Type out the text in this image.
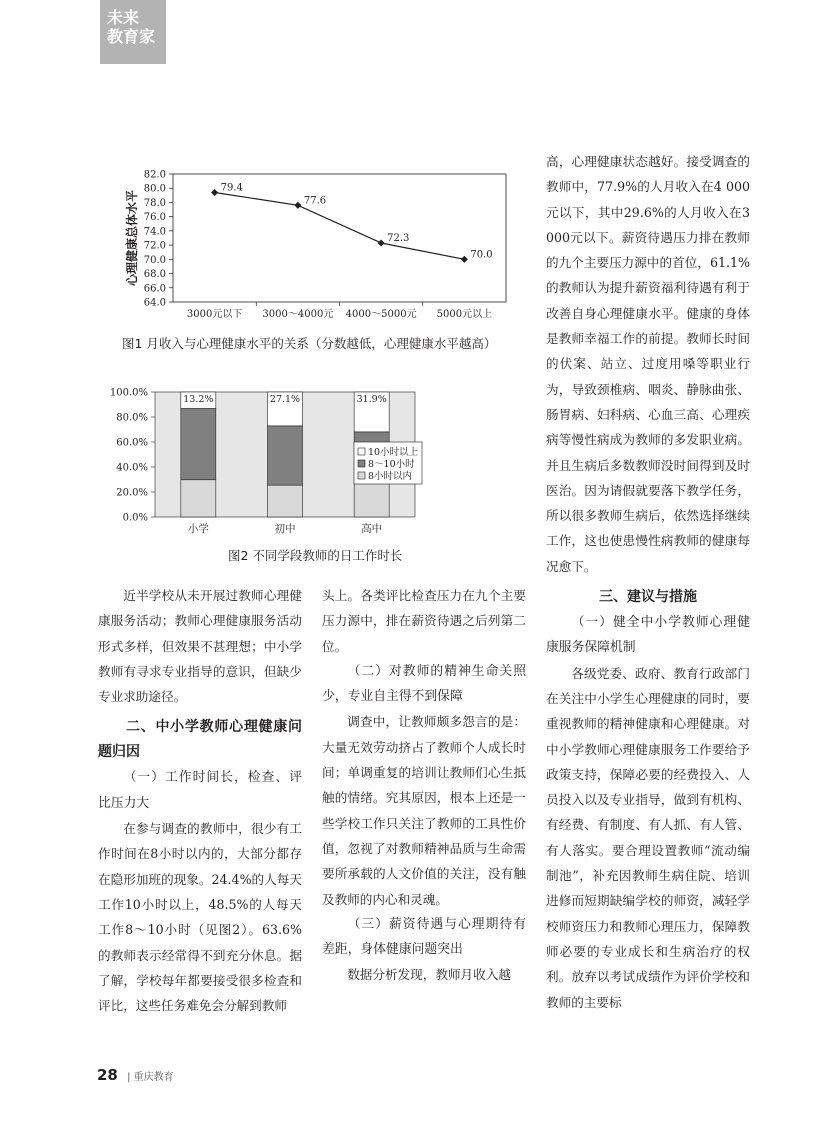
未来
教育家
82.0
80.0
78.0
76.0
74.0
72.0
70.0
68.0
66.0
64.0
3000元以下 3000～4000元 4000～5000元 5000元以上
79.4
77.6
72.3
70.0
心理健康总体水平
图1 月收入与心理健康水平的关系（分数越低，心理健康水平越高）
100.0%
80.0%
60.0%
40.0%
20.0%
0.0%
13.2%
小学
27.1%
初中
31.9%
高中
10小时以上
8～10小时
8小时以内
图2 不同学段教师的日工作时长

近半学校从未开展过教师心理健康服务活动；教师心理健康服务活动形式多样，但效果不甚理想；中小学教师有寻求专业指导的意识，但缺少专业求助途径。

二、中小学教师心理健康问题归因
（一）工作时间长，检查、评比压力大

在参与调查的教师中，很少有工作时间在8小时以内的，大部分都存在隐形加班的现象。24.4%的人每天工作10小时以上，48.5%的人每天工作8～10小时（见图2）。63.6%的教师表示经常得不到充分休息。据了解，学校每年都要接受很多检查和评比，这些任务难免会分解到教师

头上。各类评比检查压力在九个主要压力源中，排在薪资待遇之后列第二位。

（二）对教师的精神生命关照少，专业自主得不到保障

调查中，让教师颇多怨言的是：大量无效劳动挤占了教师个人成长时间；单调重复的培训让教师们心生抵触的情绪。究其原因，根本上还是一些学校工作只关注了教师的工具性价值，忽视了对教师精神品质与生命需要所承载的人文价值的关注，没有触及教师的内心和灵魂。

（三）薪资待遇与心理期待有差距，身体健康问题突出

数据分析发现，教师月收入越

高，心理健康状态越好。接受调查的教师中，77.9%的人月收入在4 000元以下，其中29.6%的人月收入在3 000元以下。薪资待遇压力排在教师的九个主要压力源中的首位，61.1%的教师认为提升薪资福利待遇有利于改善自身心理健康水平。健康的身体是教师幸福工作的前提。教师长时间的伏案、站立、过度用嗓等职业行为，导致颈椎病、咽炎、静脉曲张、肠胃病、妇科病、心血三高、心理疾病等慢性病成为教师的多发职业病。并且生病后多数教师没时间得到及时医治。因为请假就要落下教学任务，所以很多教师生病后，依然选择继续工作，这也使患慢性病教师的健康每况愈下。

三、建议与措施
（一）健全中小学教师心理健康服务保障机制

各级党委、政府、教育行政部门在关注中小学生心理健康的同时，要重视教师的精神健康和心理健康。对中小学教师心理健康服务工作要给予政策支持，保障必要的经费投入、人员投入以及专业指导，做到有机构、有经费、有制度、有人抓、有人管、有人落实。要合理设置教师“流动编制池”，补充因教师生病住院、培训进修而短期缺编学校的师资，减轻学校师资压力和教师心理压力，保障教师必要的专业成长和生病治疗的权利。放弃以考试成绩作为评价学校和教师的主要标

28 | 重庆教育
